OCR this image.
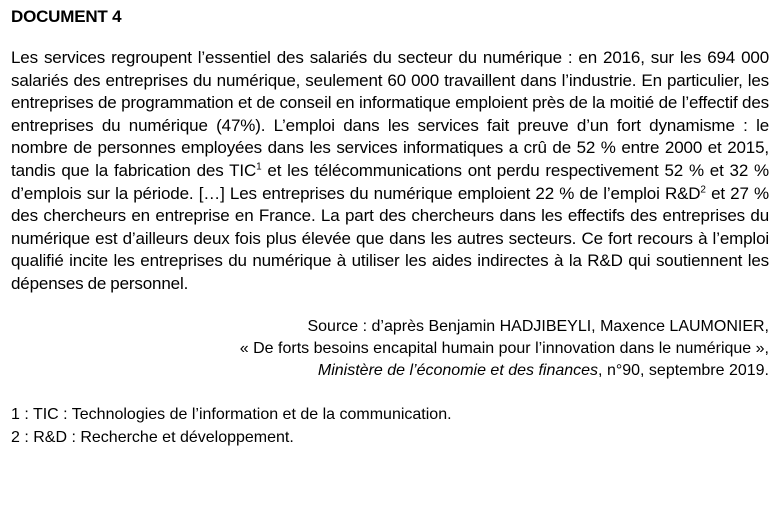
DOCUMENT 4

Les services regroupent l’essentiel des salariés du secteur du numérique : en 2016, sur les 694 000 salariés des entreprises du numérique, seulement 60 000 travaillent dans l’industrie. En particulier, les entreprises de programmation et de conseil en informatique emploient près de la moitié de l’effectif des entreprises du numérique (47%). L’emploi dans les services fait preuve d’un fort dynamisme : le nombre de personnes employées dans les services informatiques a crû de 52 % entre 2000 et 2015, tandis que la fabrication des TIC$^1$ et les télécommunications ont perdu respectivement 52 % et 32 % d’emplois sur la période. […] Les entreprises du numérique emploient 22 % de l’emploi $R\&D^2$ et 27 % des chercheurs en entreprise en France. La part des chercheurs dans les effectifs des entreprises du numérique est d’ailleurs deux fois plus élevée que dans les autres secteurs. Ce fort recours à l’emploi qualifié incite les entreprises du numérique à utiliser les aides indirectes à la R&D qui soutiennent les dépenses de personnel.

Source : d’après Benjamin HADJIBEYLI, Maxence LAUMONIER,
« De forts besoins encapital humain pour l’innovation dans le numérique »,
Ministère de l’économie et des finances, n°90, septembre 2019.
1 : TIC : Technologies de l’information et de la communication.
2 : R&D : Recherche et développement.
